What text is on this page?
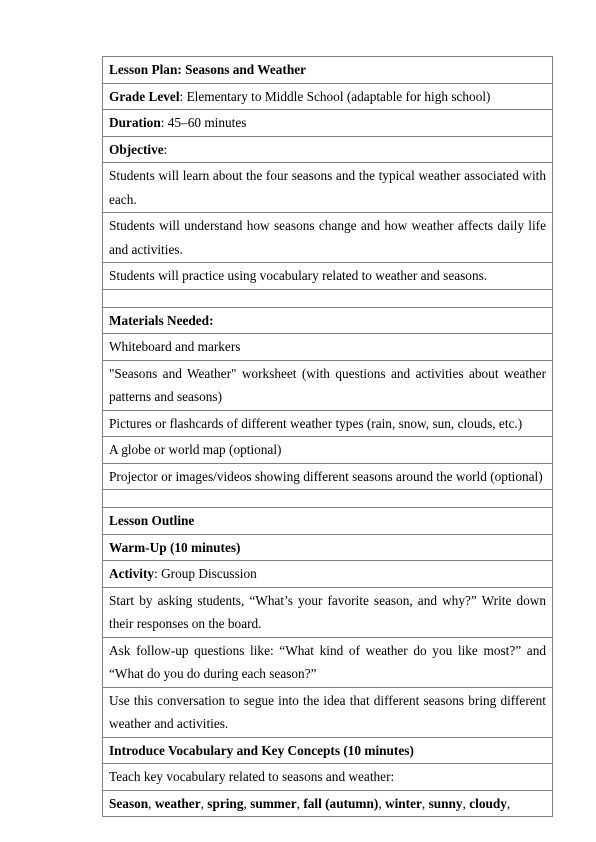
Lesson Plan: Seasons and Weather
Grade Level: Elementary to Middle School (adaptable for high school)
Duration: 45–60 minutes
Objective:
Students will learn about the four seasons and the typical weather associated with each.
Students will understand how seasons change and how weather affects daily life and activities.
Students will practice using vocabulary related to weather and seasons.

Materials Needed:
Whiteboard and markers
"Seasons and Weather" worksheet (with questions and activities about weather patterns and seasons)
Pictures or flashcards of different weather types (rain, snow, sun, clouds, etc.)
A globe or world map (optional)
Projector or images/videos showing different seasons around the world (optional)

Lesson Outline
Warm-Up (10 minutes)
Activity: Group Discussion
Start by asking students, “What’s your favorite season, and why?” Write down their responses on the board.
Ask follow-up questions like: “What kind of weather do you like most?” and “What do you do during each season?”
Use this conversation to segue into the idea that different seasons bring different weather and activities.
Introduce Vocabulary and Key Concepts (10 minutes)
Teach key vocabulary related to seasons and weather:
Season, weather, spring, summer, fall (autumn), winter, sunny, cloudy,
